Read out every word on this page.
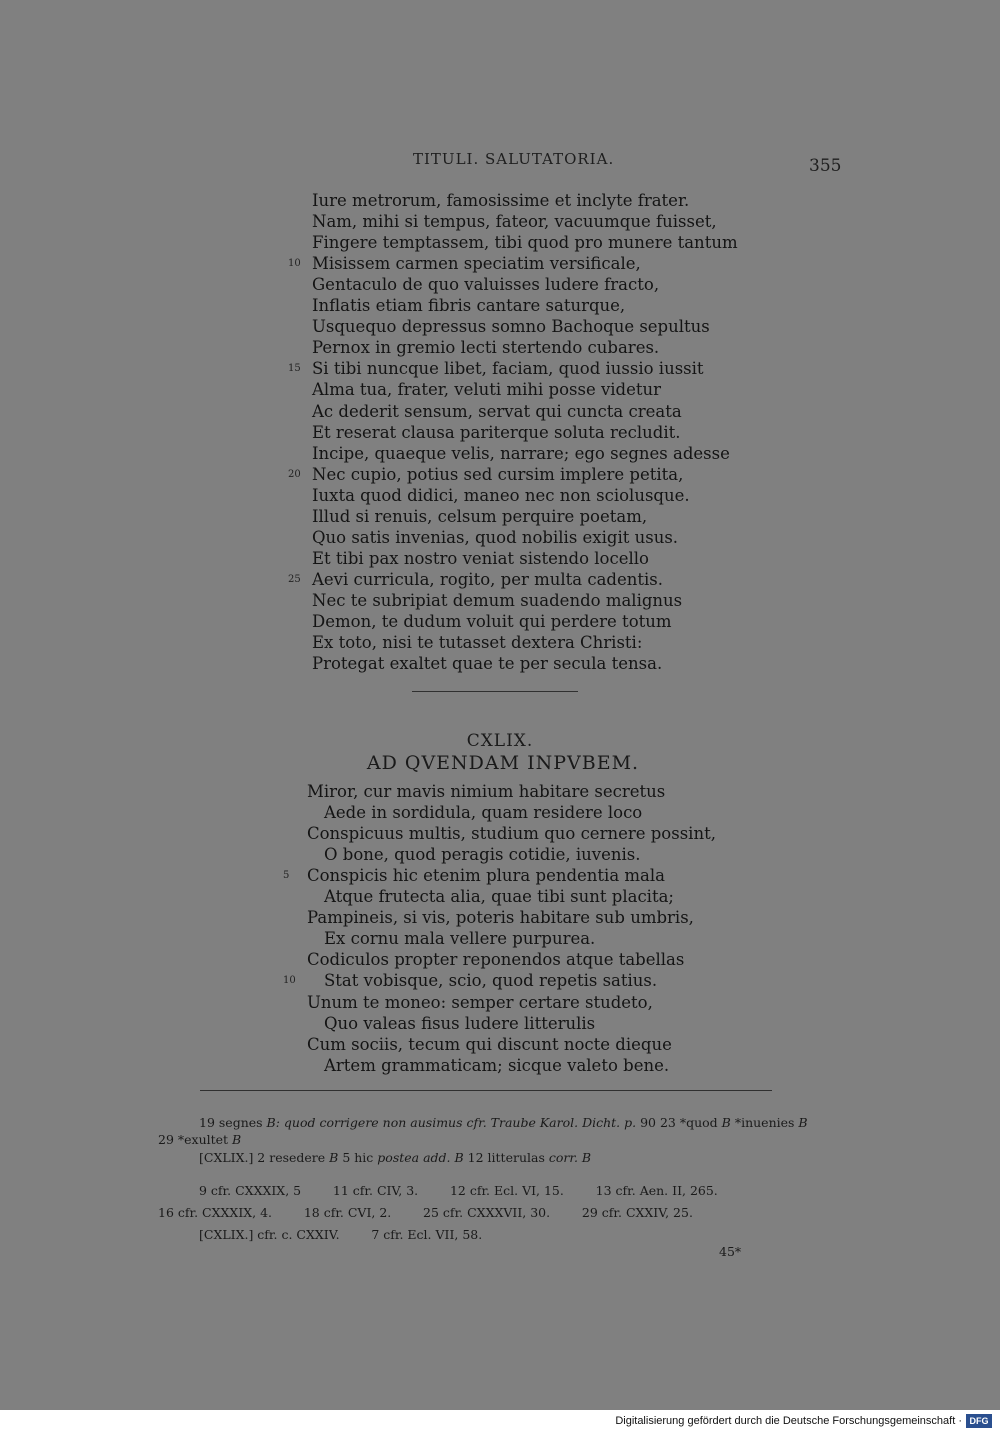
TITULI. SALUTATORIA.	355
Iure metrorum, famosissime et inclyte frater.
Nam, mihi si tempus, fateor, vacuumque fuisset,
Fingere temptassem, tibi quod pro munere tantum
Misissem carmen speciatim versificale,
10
Gentaculo de quo valuisses ludere fracto,
Inflatis etiam fibris cantare saturque,
Usquequo depressus somno Bachoque sepultus
Pernox in gremio lecti stertendo cubares.
Si tibi nuncque libet, faciam, quod iussio iussit
15
Alma tua, frater, veluti mihi posse videtur
Ac dederit sensum, servat qui cuncta creata
Et reserat clausa pariterque soluta recludit.
Incipe, quaeque velis, narrare; ego segnes adesse
Nec cupio, potius sed cursim implere petita,
20
Iuxta quod didici, maneo nec non sciolusque.
Illud si renuis, celsum perquire poetam,
Quo satis invenias, quod nobilis exigit usus.
Et tibi pax nostro veniat sistendo locello
Aevi curricula, rogito, per multa cadentis.
25
Nec te subripiat demum suadendo malignus
Demon, te dudum voluit qui perdere totum
Ex toto, nisi te tutasset dextera Christi:
Protegat exaltet quae te per secula tensa.
CXLIX.
AD QVENDAM INPVBEM.
Miror, cur mavis nimium habitare secretus
Aede in sordidula, quam residere loco
Conspicuus multis, studium quo cernere possint,
O bone, quod peragis cotidie, iuvenis.
Conspicis hic etenim plura pendentia mala
5
Atque frutecta alia, quae tibi sunt placita;
Pampineis, si vis, poteris habitare sub umbris,
Ex cornu mala vellere purpurea.
Codiculos propter reponendos atque tabellas
Stat vobisque, scio, quod repetis satius.
10
Unum te moneo: semper certare studeto,
Quo valeas fisus ludere litterulis
Cum sociis, tecum qui discunt nocte dieque
Artem grammaticam; sicque valeto bene.
19 segnes B: quod corrigere non ausimus cfr. Traube Karol. Dicht. p. 90 23 *quod B *inuenies B
29 *exultet B
[CXLIX.] 2 resedere B 5 hic postea add. B 12 litterulas corr. B
9 cfr. CXXXIX, 5        11 cfr. CIV, 3.        12 cfr. Ecl. VI, 15.        13 cfr. Aen. II, 265.
16 cfr. CXXXIX, 4.        18 cfr. CVI, 2.        25 cfr. CXXXVII, 30.        29 cfr. CXXIV, 25.
[CXLIX.] cfr. c. CXXIV.        7 cfr. Ecl. VII, 58.
45*
Digitalisierung gefördert durch die Deutsche Forschungsgemeinschaft · DFG
